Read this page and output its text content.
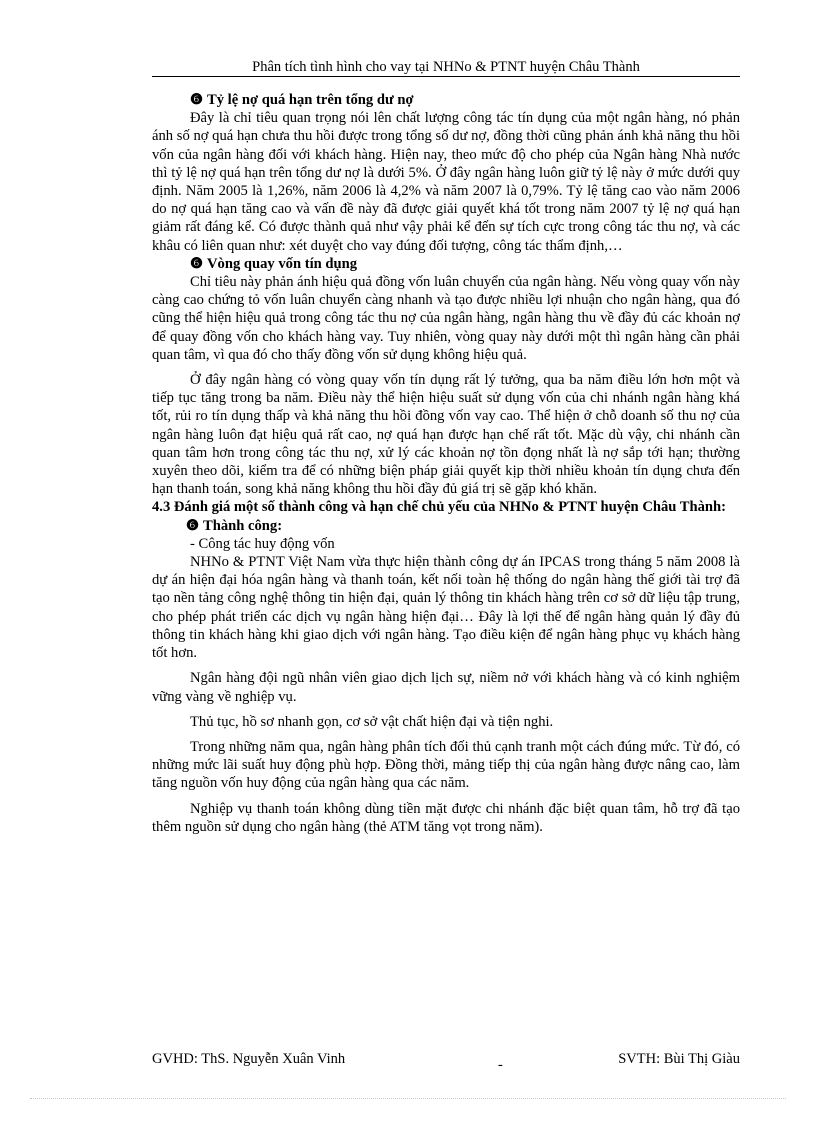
Phân tích tình hình cho vay tại NHNo & PTNT huyện Châu Thành

❻ Tỷ lệ nợ quá hạn trên tổng dư nợ

Đây là chỉ tiêu quan trọng nói lên chất lượng công tác tín dụng của một ngân hàng, nó phản ánh số nợ quá hạn chưa thu hồi được trong tổng số dư nợ, đồng thời cũng phản ánh khả năng thu hồi vốn của ngân hàng đối với khách hàng. Hiện nay, theo mức độ cho phép của Ngân hàng Nhà nước thì tỷ lệ nợ quá hạn trên tổng dư nợ là dưới 5%. Ở đây ngân hàng luôn giữ tỷ lệ này ở mức dưới quy định. Năm 2005 là 1,26%, năm 2006 là 4,2% và năm 2007 là 0,79%. Tỷ lệ tăng cao vào năm 2006 do nợ quá hạn tăng cao và vấn đề này đã được giải quyết khá tốt trong năm 2007 tỷ lệ nợ quá hạn giảm rất đáng kể. Có được thành quả như vậy phải kể đến sự tích cực trong công tác thu nợ, và các khâu có liên quan như: xét duyệt cho vay đúng đối tượng, công tác thẩm định,…

❻ Vòng quay vốn tín dụng

Chỉ tiêu này phản ánh hiệu quả đồng vốn luân chuyển của ngân hàng. Nếu vòng quay vốn này càng cao chứng tỏ vốn luân chuyển càng nhanh và tạo được nhiều lợi nhuận cho ngân hàng, qua đó cũng thể hiện hiệu quả trong công tác thu nợ của ngân hàng, ngân hàng thu về đầy đủ các khoản nợ để quay đồng vốn cho khách hàng vay. Tuy nhiên, vòng quay này dưới một thì ngân hàng cần phải quan tâm, vì qua đó cho thấy đồng vốn sử dụng không hiệu quả.

Ở đây ngân hàng có vòng quay vốn tín dụng rất lý tưởng, qua ba năm điều lớn hơn một và tiếp tục tăng trong ba năm. Điều này thể hiện hiệu suất sử dụng vốn của chi nhánh ngân hàng khá tốt, rủi ro tín dụng thấp và khả năng thu hồi đồng vốn vay cao. Thể hiện ở chỗ doanh số thu nợ của ngân hàng luôn đạt hiệu quả rất cao, nợ quá hạn được hạn chế rất tốt. Mặc dù vậy, chi nhánh cần quan tâm hơn trong công tác thu nợ, xử lý các khoản nợ tồn đọng nhất là nợ sắp tới hạn; thường xuyên theo dõi, kiểm tra để có những biện pháp giải quyết kịp thời nhiều khoản tín dụng chưa đến hạn thanh toán, song khả năng không thu hồi đầy đủ giá trị sẽ gặp khó khăn.

4.3 Đánh giá một số thành công và hạn chế chủ yếu của NHNo & PTNT huyện Châu Thành:

❻ Thành công:

- Công tác huy động vốn

NHNo & PTNT Việt Nam vừa thực hiện thành công dự án IPCAS trong tháng 5 năm 2008 là dự án hiện đại hóa ngân hàng và thanh toán, kết nối toàn hệ thống do ngân hàng thế giới tài trợ đã tạo nền tảng công nghệ thông tin hiện đại, quản lý thông tin khách hàng trên cơ sở dữ liệu tập trung, cho phép phát triển các dịch vụ ngân hàng hiện đại… Đây là lợi thế để ngân hàng quản lý đầy đủ thông tin khách hàng khi giao dịch với ngân hàng. Tạo điều kiện để ngân hàng phục vụ khách hàng tốt hơn.

Ngân hàng đội ngũ nhân viên giao dịch lịch sự, niềm nở với khách hàng và có kinh nghiệm vững vàng về nghiệp vụ.

Thủ tục, hồ sơ nhanh gọn, cơ sở vật chất hiện đại và tiện nghi.

Trong những năm qua, ngân hàng phân tích đối thủ cạnh tranh một cách đúng mức. Từ đó, có những mức lãi suất huy động phù hợp. Đồng thời, mảng tiếp thị của ngân hàng được nâng cao, làm tăng nguồn vốn huy động của ngân hàng qua các năm.

Nghiệp vụ thanh toán không dùng tiền mặt được chi nhánh đặc biệt quan tâm, hỗ trợ đã tạo thêm nguồn sử dụng cho ngân hàng (thẻ ATM tăng vọt trong năm).

GVHD: ThS. Nguyễn Xuân Vinh	-	SVTH: Bùi Thị Giàu
